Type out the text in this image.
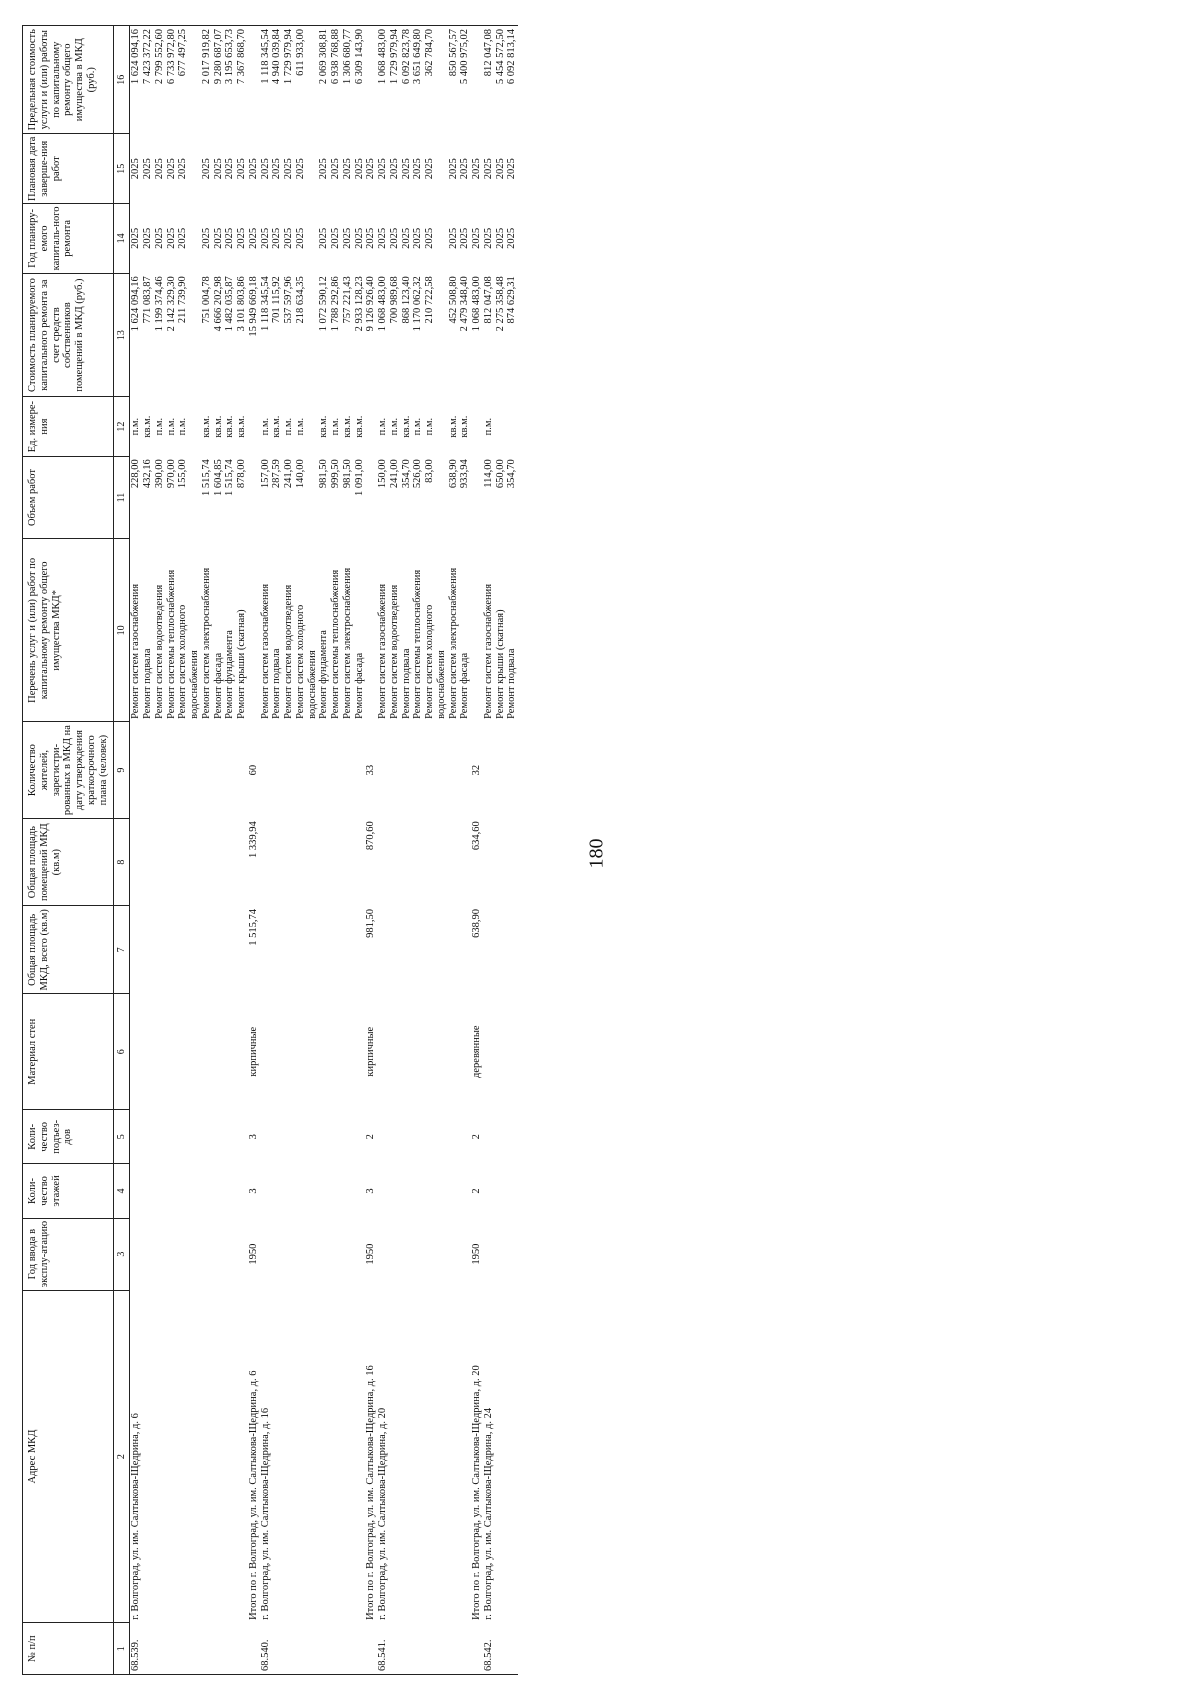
180
№ п/п	Адрес МКД	Год ввода в эксплу-атацию	Коли-чество этажей	Коли-чество подъез-дов	Материал стен	Общая площадь МКД, всего (кв.м)	Общая площадь помещений МКД (кв.м)	Количество жителей, зарегистри-рованных в МКД на дату утверждения краткосрочного плана (человек)	Перечень услуг и (или) работ по капитальному ремонту общего имущества МКД*	Объем работ	Ед. измере-ния	Стоимость планируемого капитального ремонта за счет средств собственников помещений в МКД (руб.)	Год планиру-емого капиталь-ного ремонта	Плановая дата заверше-ния работ	Предельная стоимость услуги и (или) работы по капитальному ремонту общего имущества в МКД (руб.)
1	2	3	4	5	6	7	8	9	10	11	12	13	14	15	16
68.539.	г. Волгоград, ул. им. Салтыкова-Щедрина, д. 6								Ремонт систем газоснабжения	228,00	п.м.	1 624 094,16	2025	2025	1 624 094,16
									Ремонт подвала	432,16	кв.м.	771 083,87	2025	2025	7 423 372,22
									Ремонт систем водоотведения	390,00	п.м.	1 199 374,46	2025	2025	2 799 552,60
									Ремонт системы теплоснабжения	970,00	п.м.	2 142 329,30	2025	2025	6 733 972,80
									Ремонт систем холодного водоснабжения	155,00	п.м.	211 739,90	2025	2025	677 497,25
									Ремонт систем электроснабжения	1 515,74	кв.м.	751 004,78	2025	2025	2 017 919,82
									Ремонт фасада	1 604,85	кв.м.	4 666 202,98	2025	2025	9 280 687,07
									Ремонт фундамента	1 515,74	кв.м.	1 482 035,87	2025	2025	3 195 653,73
									Ремонт крыши (скатная)	878,00	кв.м.	3 101 803,86	2025	2025	7 367 868,70
	Итого по г. Волгоград, ул. им. Салтыкова-Щедрина, д. 6	1950	3	3	кирпичные	1 515,74	1 339,94	60				15 949 669,18	2025	2025	
68.540.	г. Волгоград, ул. им. Салтыкова-Щедрина, д. 16								Ремонт систем газоснабжения	157,00	п.м.	1 118 345,54	2025	2025	1 118 345,54
									Ремонт подвала	287,59	кв.м.	701 115,92	2025	2025	4 940 039,84
									Ремонт систем водоотведения	241,00	п.м.	537 597,96	2025	2025	1 729 979,94
									Ремонт систем холодного водоснабжения	140,00	п.м.	218 634,35	2025	2025	611 933,00
									Ремонт фундамента	981,50	кв.м.	1 072 590,12	2025	2025	2 069 308,81
									Ремонт системы теплоснабжения	999,50	п.м.	1 788 292,86	2025	2025	6 938 768,88
									Ремонт систем электроснабжения	981,50	кв.м.	757 221,43	2025	2025	1 306 680,77
									Ремонт фасада	1 091,00	кв.м.	2 933 128,23	2025	2025	6 309 143,90
	Итого по г. Волгоград, ул. им. Салтыкова-Щедрина, д. 16	1950	3	2	кирпичные	981,50	870,60	33				9 126 926,40	2025	2025	
68.541.	г. Волгоград, ул. им. Салтыкова-Щедрина, д. 20								Ремонт систем газоснабжения	150,00	п.м.	1 068 483,00	2025	2025	1 068 483,00
									Ремонт систем водоотведения	241,00	п.м.	700 989,68	2025	2025	1 729 979,94
									Ремонт подвала	354,70	кв.м.	868 123,40	2025	2025	6 092 823,78
									Ремонт системы теплоснабжения	526,00	п.м.	1 170 062,32	2025	2025	3 651 649,80
									Ремонт систем холодного водоснабжения	83,00	п.м.	210 722,58	2025	2025	362 784,70
									Ремонт систем электроснабжения	638,90	кв.м.	452 508,80	2025	2025	850 567,57
									Ремонт фасада	933,94	кв.м.	2 479 348,40	2025	2025	5 400 975,02
	Итого по г. Волгоград, ул. им. Салтыкова-Щедрина, д. 20	1950	2	2	деревянные	638,90	634,60	32				1 068 483,00	2025	2025	
68.542.	г. Волгоград, ул. им. Салтыкова-Щедрина, д. 24								Ремонт систем газоснабжения	114,00	п.м.	812 047,08	2025	2025	812 047,08
									Ремонт крыши (скатная)	650,00		2 275 358,48	2025	2025	5 454 572,50
									Ремонт подвала	354,70		874 629,31	2025	2025	6 092 813,14
